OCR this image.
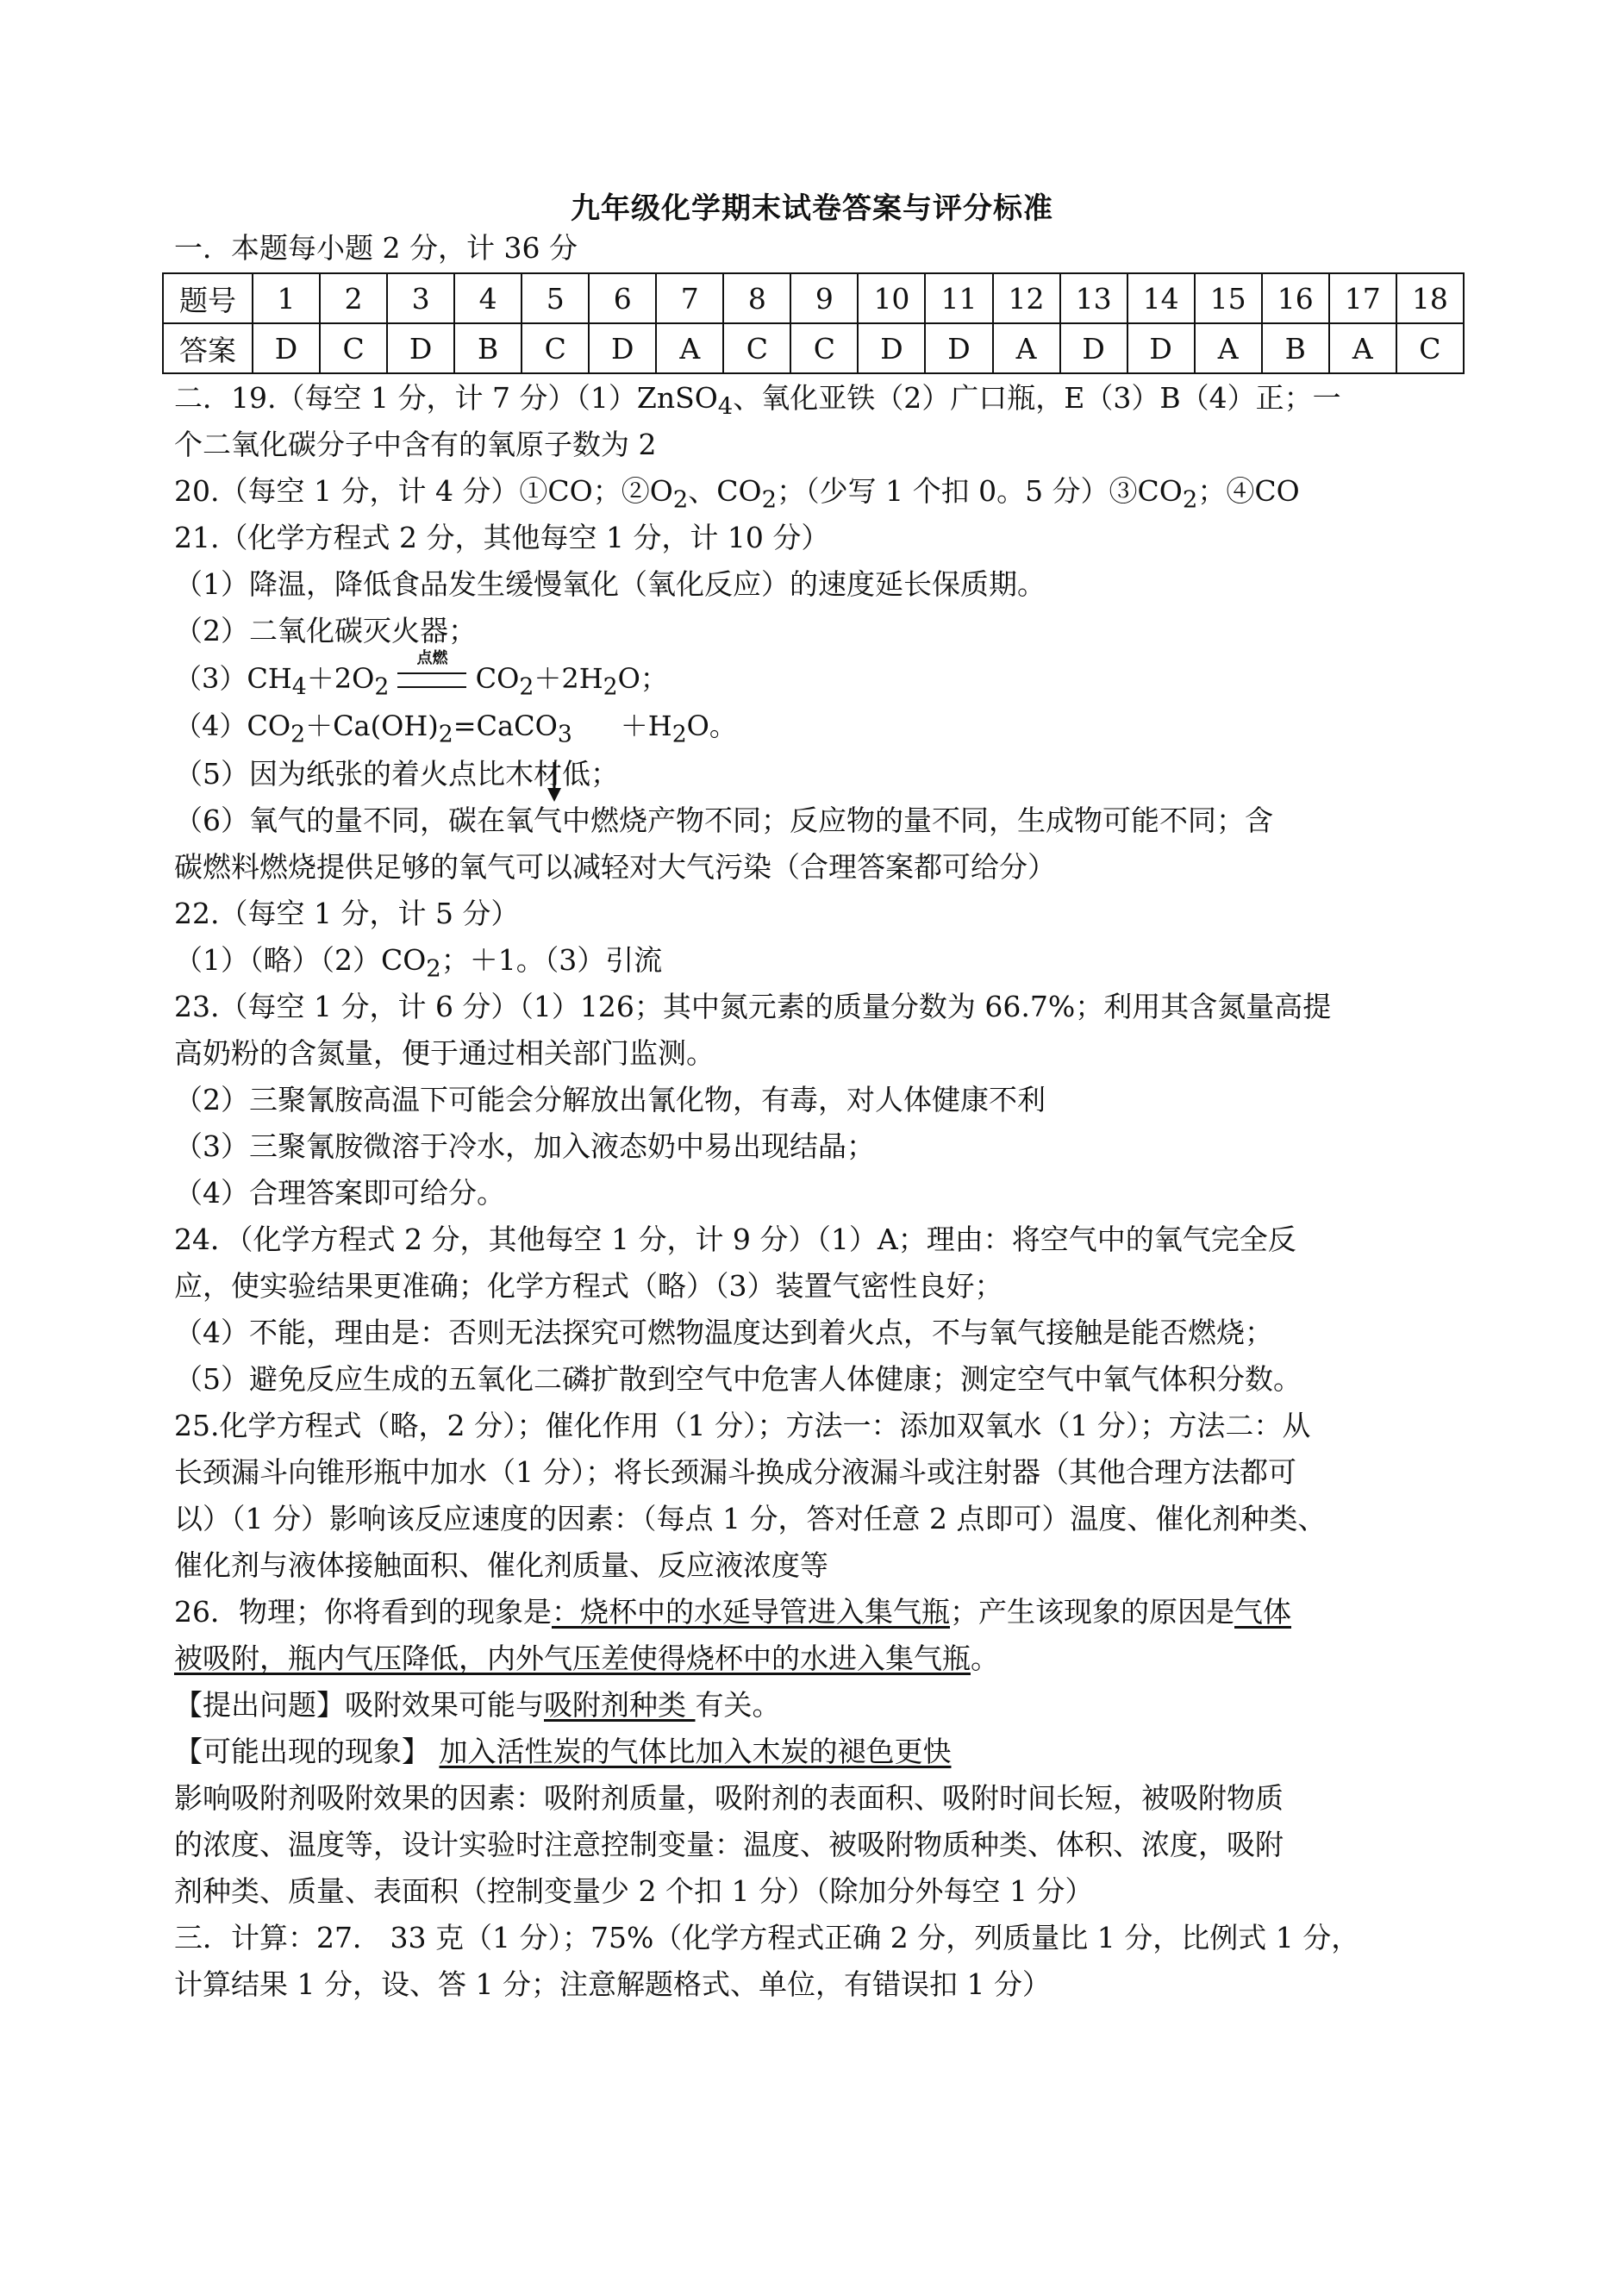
九年级化学期末试卷答案与评分标准
一．本题每小题 2 分，计 36 分
题号	1	2	3	4	5	6	7	8	9	10	11	12	13	14	15	16	17	18
答案	D	C	D	B	C	D	A	C	C	D	D	A	D	D	A	B	A	C
二．19.（每空 1 分，计 7 分）（1）ZnSO$_4$、氧化亚铁（2）广口瓶，E（3）B（4）正；一
个二氧化碳分子中含有的氧原子数为 2
20.（每空 1 分，计 4 分）①CO；$②O_2$、$CO_2$；（少写 1 个扣 0。5 分）$③CO_2$；④CO
21.（化学方程式 2 分，其他每空 1 分，计 10 分）
（1）降温，降低食品发生缓慢氧化（氧化反应）的速度延长保质期。
（2）二氧化碳灭火器；
$(3)CH_4+2O_2$
点燃
$CO_2+2H_2O$；
$(4)CO_2+Ca(OH)_2=CaCO_3 +H_2O$。
（5）因为纸张的着火点比木材低；
（6）氧气的量不同，碳在氧气中燃烧产物不同；反应物的量不同，生成物可能不同；含
碳燃料燃烧提供足够的氧气可以减轻对大气污染（合理答案都可给分）
22.（每空 1 分，计 5 分）
（1）（略）$(2)CO_2$；＋1。（3）引流
23.（每空 1 分，计 6 分）（1）126；其中氮元素的质量分数为 66.7%；利用其含氮量高提
高奶粉的含氮量，便于通过相关部门监测。
（2）三聚氰胺高温下可能会分解放出氰化物，有毒，对人体健康不利
（3）三聚氰胺微溶于冷水，加入液态奶中易出现结晶；
（4）合理答案即可给分。
24．（化学方程式 2 分，其他每空 1 分，计 9 分）（1）A；理由：将空气中的氧气完全反
应，使实验结果更准确；化学方程式（略）（3）装置气密性良好；
（4）不能，理由是：否则无法探究可燃物温度达到着火点，不与氧气接触是能否燃烧；
（5）避免反应生成的五氧化二磷扩散到空气中危害人体健康；测定空气中氧气体积分数。
25.化学方程式（略，2 分）；催化作用（1 分）；方法一：添加双氧水（1 分）；方法二：从
长颈漏斗向锥形瓶中加水（1 分）；将长颈漏斗换成分液漏斗或注射器（其他合理方法都可
以）（1 分）影响该反应速度的因素：（每点 1 分，答对任意 2 点即可）温度、催化剂种类、
催化剂与液体接触面积、催化剂质量、反应液浓度等
26．物理；你将看到的现象是：烧杯中的水延导管进入集气瓶；产生该现象的原因是气体
被吸附，瓶内气压降低，内外气压差使得烧杯中的水进入集气瓶。
【提出问题】吸附效果可能与吸附剂种类 有关。
【可能出现的现象】 加入活性炭的气体比加入木炭的褪色更快
影响吸附剂吸附效果的因素：吸附剂质量，吸附剂的表面积、吸附时间长短，被吸附物质
的浓度、温度等，设计实验时注意控制变量：温度、被吸附物质种类、体积、浓度，吸附
剂种类、质量、表面积（控制变量少 2 个扣 1 分）（除加分外每空 1 分）
三．计算：27． 33 克（1 分）；75%（化学方程式正确 2 分，列质量比 1 分，比例式 1 分，
计算结果 1 分，设、答 1 分；注意解题格式、单位，有错误扣 1 分）
